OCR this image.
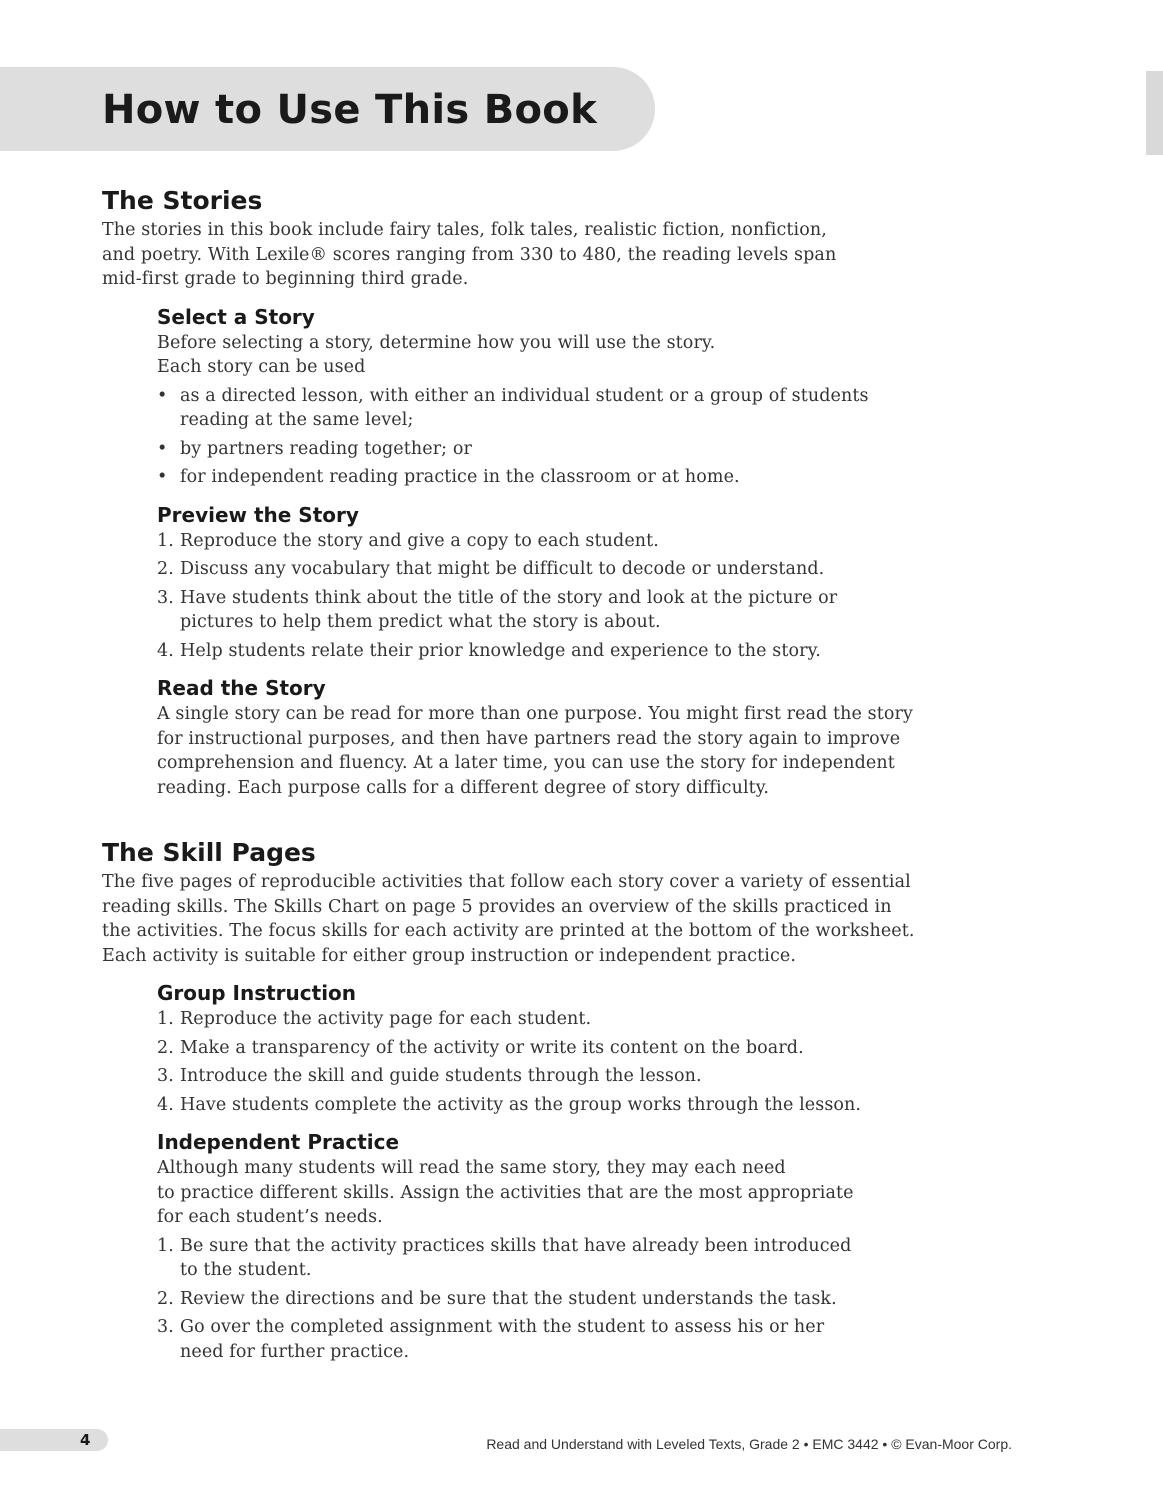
How to Use This Book
The Stories

The stories in this book include fairy tales, folk tales, realistic fiction, nonfiction,

and poetry. With Lexile® scores ranging from 330 to 480, the reading levels span

mid-first grade to beginning third grade.

Select a Story

Before selecting a story, determine how you will use the story.

Each story can be used

• as a directed lesson, with either an individual student or a group of students
reading at the same level;
• by partners reading together; or
• for independent reading practice in the classroom or at home.
Preview the Story
1. Reproduce the story and give a copy to each student.
2. Discuss any vocabulary that might be difficult to decode or understand.
3. Have students think about the title of the story and look at the picture or
pictures to help them predict what the story is about.
4. Help students relate their prior knowledge and experience to the story.
Read the Story

A single story can be read for more than one purpose. You might first read the story

for instructional purposes, and then have partners read the story again to improve

comprehension and fluency. At a later time, you can use the story for independent

reading. Each purpose calls for a different degree of story difficulty.

The Skill Pages

The five pages of reproducible activities that follow each story cover a variety of essential

reading skills. The Skills Chart on page 5 provides an overview of the skills practiced in

the activities. The focus skills for each activity are printed at the bottom of the worksheet.

Each activity is suitable for either group instruction or independent practice.

Group Instruction
1. Reproduce the activity page for each student.
2. Make a transparency of the activity or write its content on the board.
3. Introduce the skill and guide students through the lesson.
4. Have students complete the activity as the group works through the lesson.
Independent Practice

Although many students will read the same story, they may each need

to practice different skills. Assign the activities that are the most appropriate

for each student’s needs.

1. Be sure that the activity practices skills that have already been introduced
to the student.
2. Review the directions and be sure that the student understands the task.
3. Go over the completed assignment with the student to assess his or her
need for further practice.
4	Read and Understand with Leveled Texts, Grade 2 • EMC 3442 • © Evan-Moor Corp.
